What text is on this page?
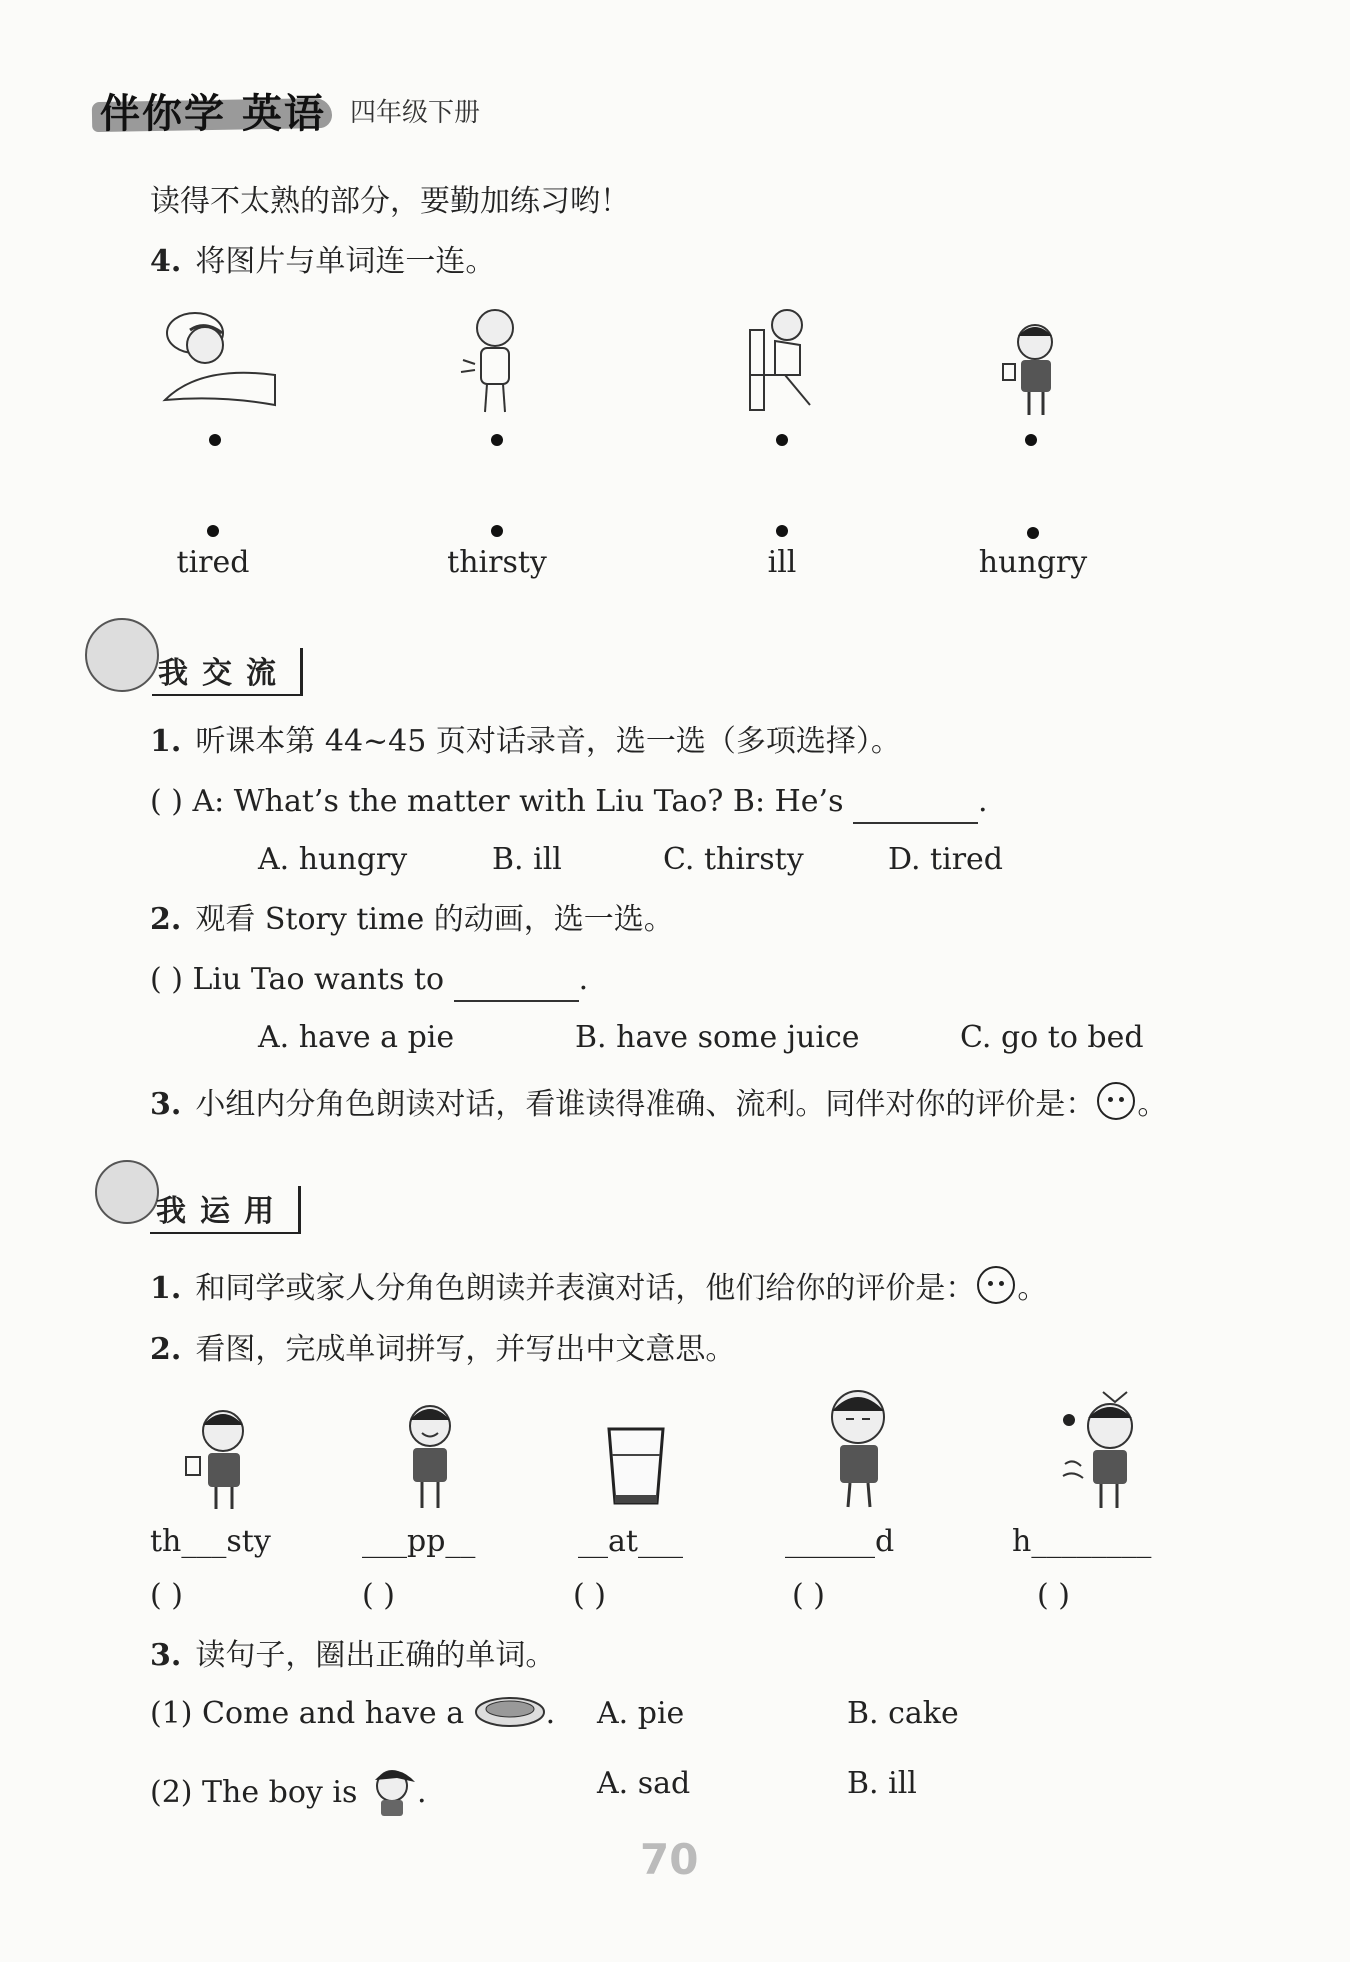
伴你学 英语 四年级下册
读得不太熟的部分，要勤加练习哟！
4. 将图片与单词连一连。
tired	thirsty	ill	hungry
我交流
1. 听课本第 44~45 页对话录音，选一选（多项选择）。
( ) A: What’s the matter with Liu Tao? B: He’s	.
A. hungry	B. ill	C. thirsty	D. tired
2. 观看 Story time 的动画，选一选。
( ) Liu Tao wants to	.
A. have a pie	B. have some juice	C. go to bed
3. 小组内分角色朗读对话，看谁读得准确、流利。同伴对你的评价是： 。
我运用
1. 和同学或家人分角色朗读并表演对话，他们给你的评价是： 。
2. 看图，完成单词拼写，并写出中文意思。
th___sty	___pp__	__at___	______d	h________
( )	( )	( )	( )	( )
3. 读句子，圈出正确的单词。
(1) Come and have a	. A. pie	B. cake
(2) The boy is .	A. sad	B. ill
70
